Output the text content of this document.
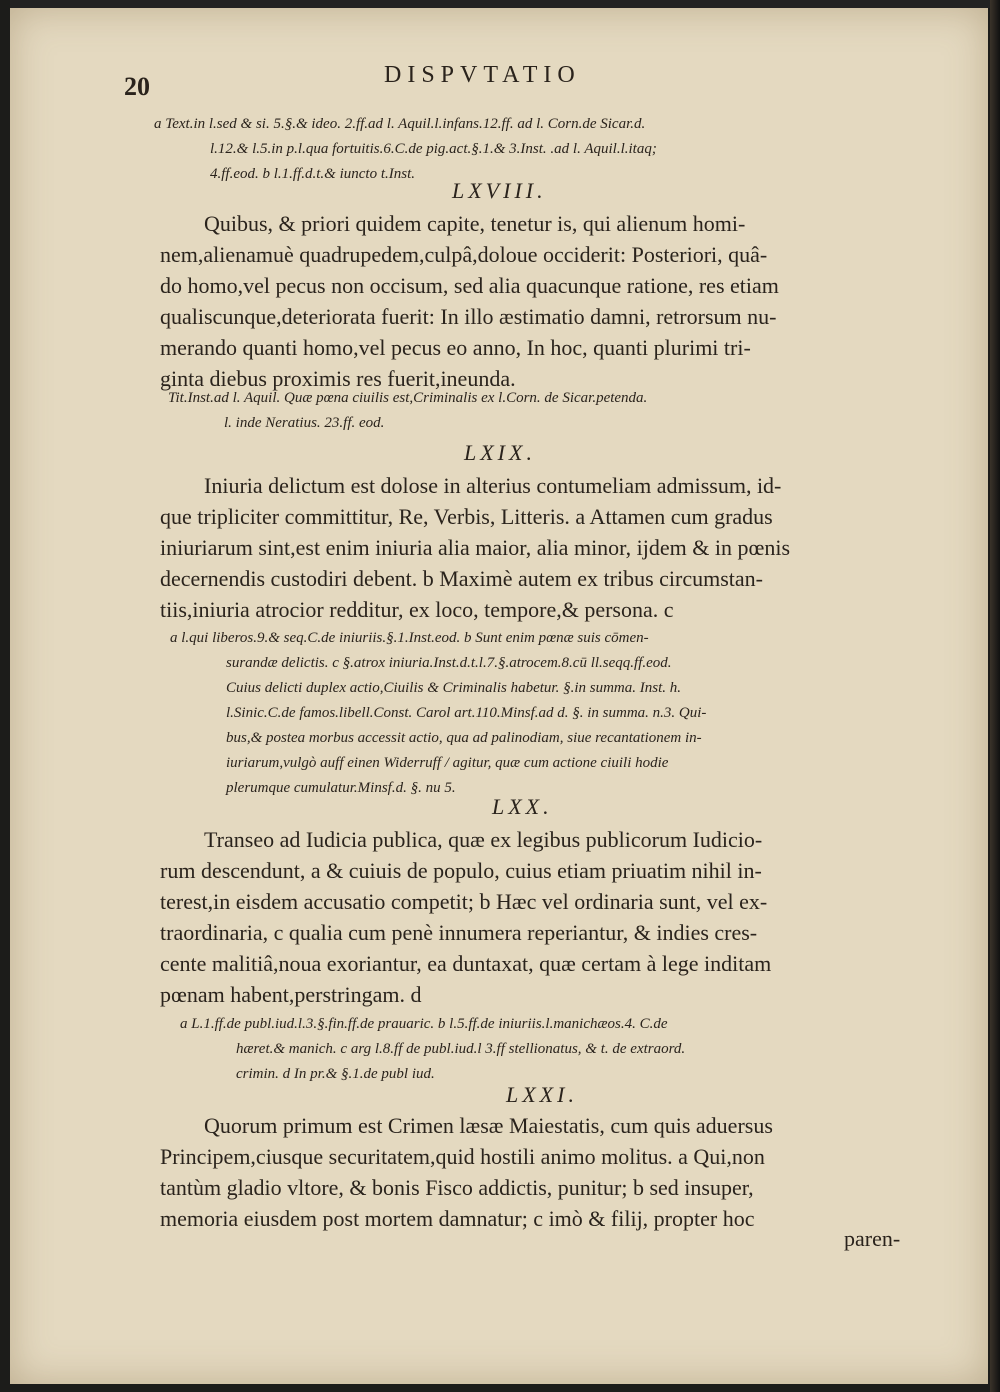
20	DISPVTATIO
a Text.in l.sed & si. 5.§.& ideo. 2.ff.ad l. Aquil.l.infans.12.ff. ad l. Corn.de Sicar.d.
l.12.& l.5.in p.l.qua fortuitis.6.C.de pig.act.§.1.& 3.Inst. .ad l. Aquil.l.itaq;
4.ff.eod. b l.1.ff.d.t.& iuncto t.Inst.
LXVIII.
Quibus, & priori quidem capite, tenetur is, qui alienum homi-
nem,alienamuè quadrupedem,culpâ,doloue occiderit: Posteriori, quâ-
do homo,vel pecus non occisum, sed alia quacunque ratione, res etiam
qualiscunque,deteriorata fuerit: In illo æstimatio damni, retrorsum nu-
merando quanti homo,vel pecus eo anno, In hoc, quanti plurimi tri-
ginta diebus proximis res fuerit,ineunda.
Tit.Inst.ad l. Aquil. Quæ pœna ciuilis est,Criminalis ex l.Corn. de Sicar.petenda.
l. inde Neratius. 23.ff. eod.
LXIX.
Iniuria delictum est dolose in alterius contumeliam admissum, id-
que tripliciter committitur, Re, Verbis, Litteris. a Attamen cum gradus
iniuriarum sint,est enim iniuria alia maior, alia minor, ijdem & in pœnis
decernendis custodiri debent. b Maximè autem ex tribus circumstan-
tiis,iniuria atrocior redditur, ex loco, tempore,& persona. c
a l.qui liberos.9.& seq.C.de iniuriis.§.1.Inst.eod. b Sunt enim pœnæ suis cōmen-
surandæ delictis. c §.atrox iniuria.Inst.d.t.l.7.§.atrocem.8.cū ll.seqq.ff.eod.
Cuius delicti duplex actio,Ciuilis & Criminalis habetur. §.in summa. Inst. h.
l.Sinic.C.de famos.libell.Const. Carol art.110.Minsf.ad d. §. in summa. n.3. Qui-
bus,& postea morbus accessit actio, qua ad palinodiam, siue recantationem in-
iuriarum,vulgò auff einen Widerruff / agitur, quæ cum actione ciuili hodie
plerumque cumulatur.Minsf.d. §. nu 5.
LXX.
Transeo ad Iudicia publica, quæ ex legibus publicorum Iudicio-
rum descendunt, a & cuiuis de populo, cuius etiam priuatim nihil in-
terest,in eisdem accusatio competit; b Hæc vel ordinaria sunt, vel ex-
traordinaria, c qualia cum penè innumera reperiantur, & indies cres-
cente malitiâ,noua exoriantur, ea duntaxat, quæ certam à lege inditam
pœnam habent,perstringam. d
a L.1.ff.de publ.iud.l.3.§.fin.ff.de prauaric. b l.5.ff.de iniuriis.l.manichæos.4. C.de
hæret.& manich. c arg l.8.ff de publ.iud.l 3.ff stellionatus, & t. de extraord.
crimin. d In pr.& §.1.de publ iud.
LXXI.
Quorum primum est Crimen læsæ Maiestatis, cum quis aduersus
Principem,ciusque securitatem,quid hostili animo molitus. a Qui,non
tantùm gladio vltore, & bonis Fisco addictis, punitur; b sed insuper,
memoria eiusdem post mortem damnatur; c imò & filij, propter hoc
paren-
